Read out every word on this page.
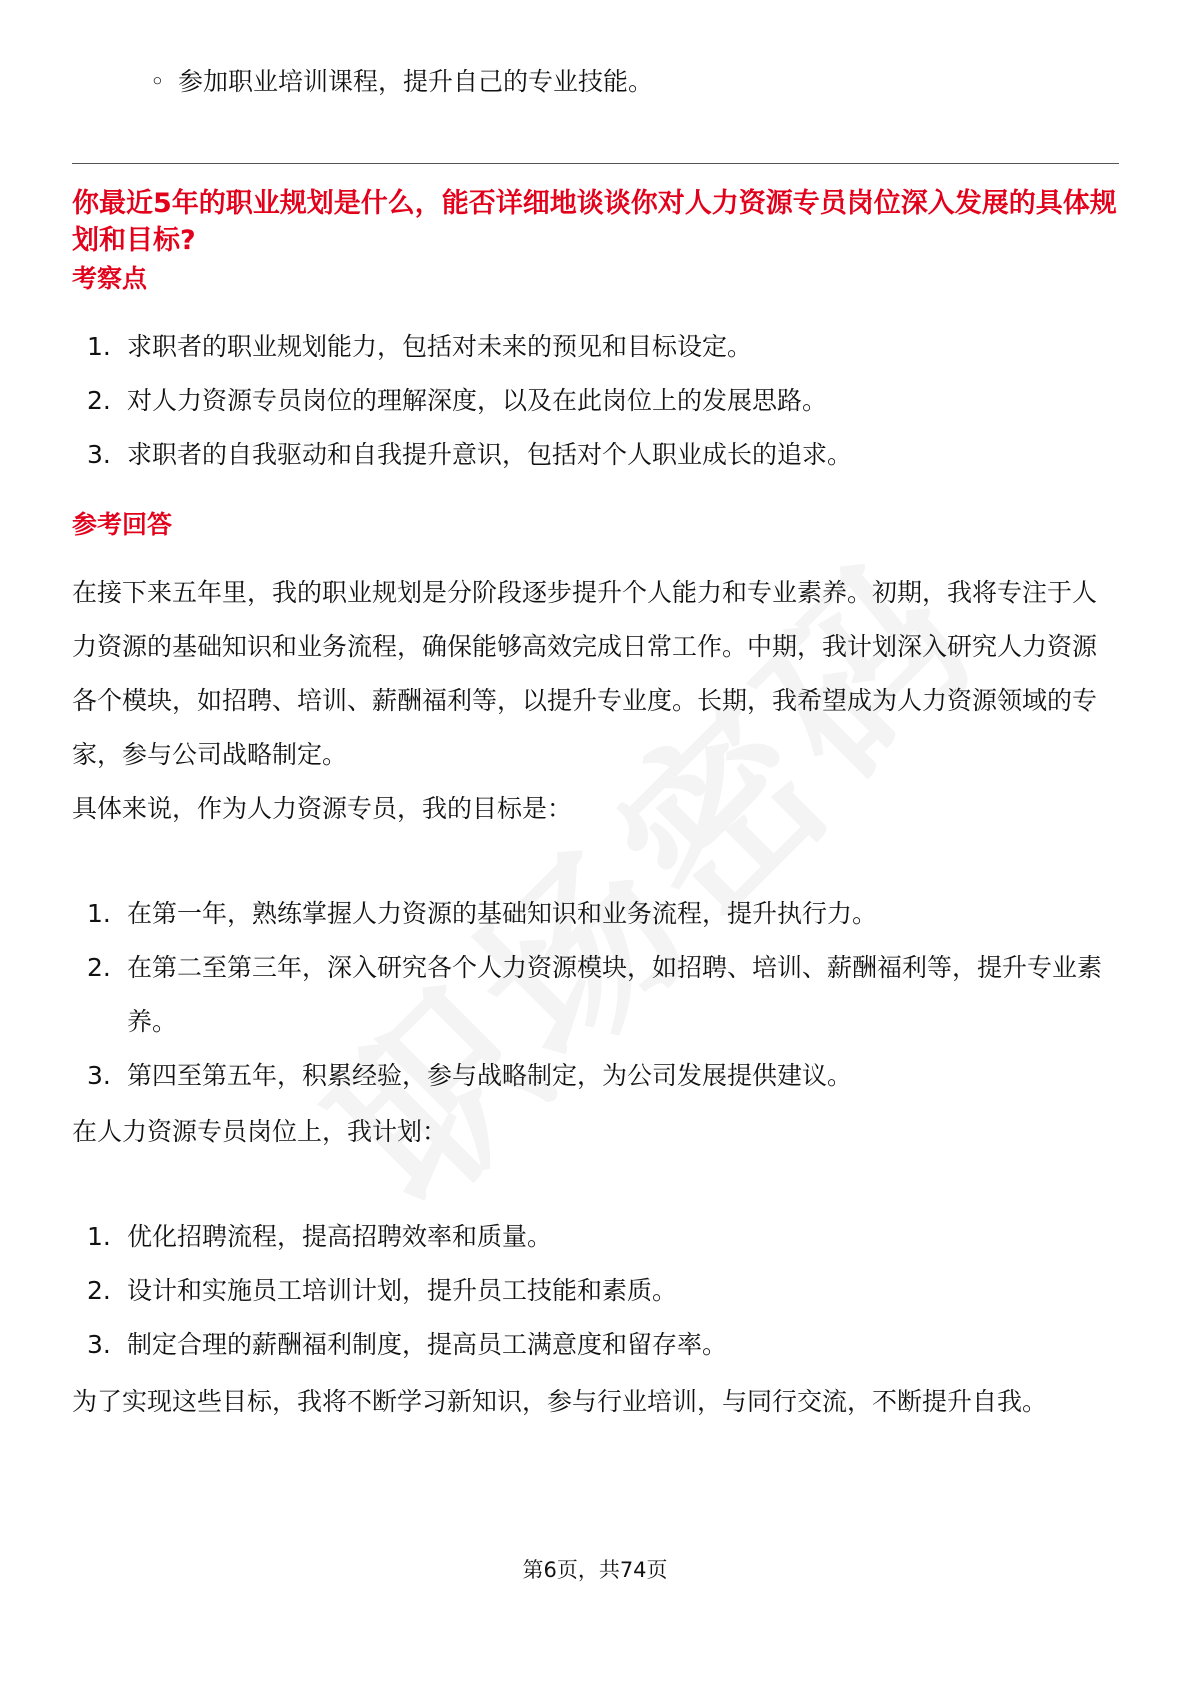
◦ 参加职业培训课程，提升自己的专业技能。
你最近5年的职业规划是什么，能否详细地谈谈你对人力资源专员岗位深入发展的具体规划和目标?
考察点
1. 求职者的职业规划能力，包括对未来的预见和目标设定。
2. 对人力资源专员岗位的理解深度，以及在此岗位上的发展思路。
3. 求职者的自我驱动和自我提升意识，包括对个人职业成长的追求。
参考回答
在接下来五年里，我的职业规划是分阶段逐步提升个人能力和专业素养。初期，我将专注于人力资源的基础知识和业务流程，确保能够高效完成日常工作。中期，我计划深入研究人力资源各个模块，如招聘、培训、薪酬福利等，以提升专业度。长期，我希望成为人力资源领域的专家，参与公司战略制定。
具体来说，作为人力资源专员，我的目标是：
1. 在第一年，熟练掌握人力资源的基础知识和业务流程，提升执行力。
2. 在第二至第三年，深入研究各个人力资源模块，如招聘、培训、薪酬福利等，提升专业素养。
3. 第四至第五年，积累经验，参与战略制定，为公司发展提供建议。
在人力资源专员岗位上，我计划：
1. 优化招聘流程，提高招聘效率和质量。
2. 设计和实施员工培训计划，提升员工技能和素质。
3. 制定合理的薪酬福利制度，提高员工满意度和留存率。
为了实现这些目标，我将不断学习新知识，参与行业培训，与同行交流，不断提升自我。
第6页，共74页
